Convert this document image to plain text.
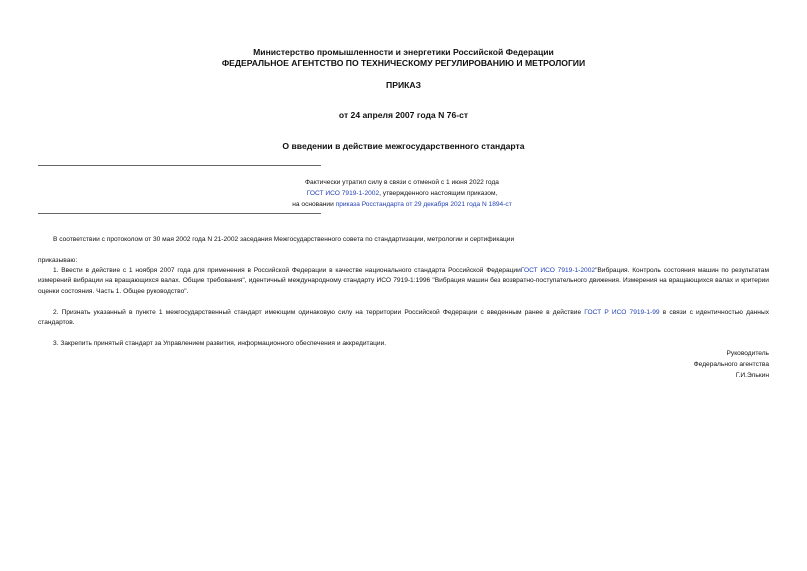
Министерство промышленности и энергетики Российской Федерации
ФЕДЕРАЛЬНОЕ АГЕНТСТВО ПО ТЕХНИЧЕСКОМУ РЕГУЛИРОВАНИЮ И МЕТРОЛОГИИ
ПРИКАЗ
от 24 апреля 2007 года N 76-ст
О введении в действие межгосударственного стандарта
Фактически утратил силу в связи с отменой с 1 июня 2022 года
ГОСТ ИСО 7919-1-2002, утвержденного настоящим приказом,
на основании приказа Росстандарта от 29 декабря 2021 года N 1894-ст
В соответствии с протоколом от 30 мая 2002 года N 21-2002 заседания Межгосударственного совета по стандартизации, метрологии и сертификации
приказываю:
1. Ввести в действие с 1 ноября 2007 года для применения в Российской Федерации в качестве национального стандарта Российской ФедерацииГОСТ ИСО 7919-1-2002"Вибрация. Контроль состояния машин по результатам измерений вибрации на вращающихся валах. Общие требования", идентичный международному стандарту ИСО 7919-1:1996 "Вибрация машин без возвратно-поступательного движения. Измерения на вращающихся валах и критерии оценки состояния. Часть 1. Общее руководство".
2. Признать указанный в пункте 1 межгосударственный стандарт имеющим одинаковую силу на территории Российской Федерации с введенным ранее в действие ГОСТ Р ИСО 7919-1-99 в связи с идентичностью данных стандартов.
3. Закрепить принятый стандарт за Управлением развития, информационного обеспечения и аккредитации.
Руководитель
Федерального агентства
Г.И.Элькин
